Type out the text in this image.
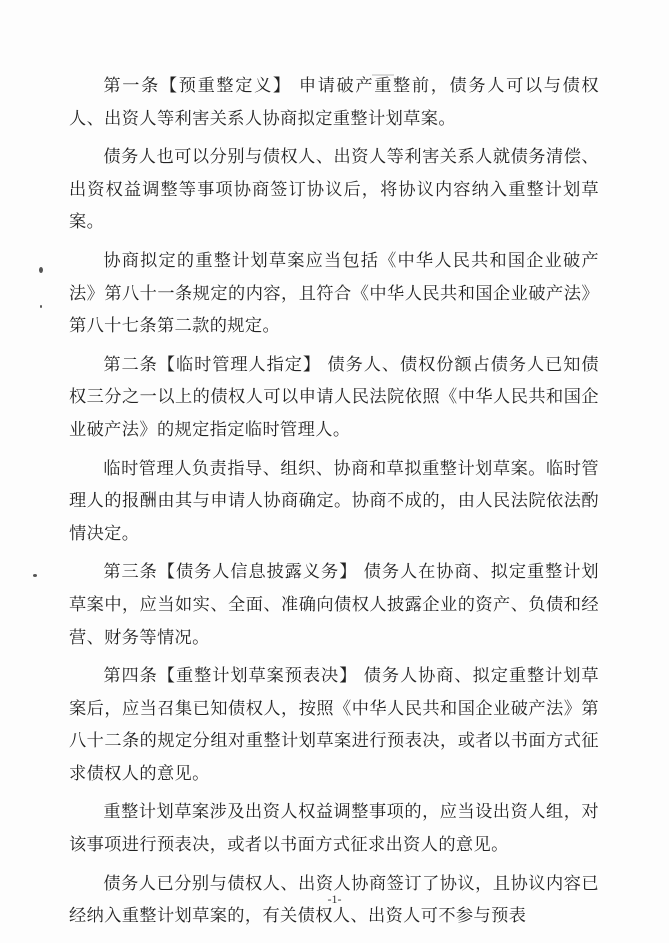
第一条【预重整定义】 申请破产重整前，债务人可以与债权人、出资人等利害关系人协商拟定重整计划草案。

债务人也可以分别与债权人、出资人等利害关系人就债务清偿、出资权益调整等事项协商签订协议后，将协议内容纳入重整计划草案。

协商拟定的重整计划草案应当包括《中华人民共和国企业破产法》第八十一条规定的内容，且符合《中华人民共和国企业破产法》第八十七条第二款的规定。

第二条【临时管理人指定】 债务人、债权份额占债务人已知债权三分之一以上的债权人可以申请人民法院依照《中华人民共和国企业破产法》的规定指定临时管理人。

临时管理人负责指导、组织、协商和草拟重整计划草案。临时管理人的报酬由其与申请人协商确定。协商不成的，由人民法院依法酌情决定。

第三条【债务人信息披露义务】 债务人在协商、拟定重整计划草案中，应当如实、全面、准确向债权人披露企业的资产、负债和经营、财务等情况。

第四条【重整计划草案预表决】 债务人协商、拟定重整计划草案后，应当召集已知债权人，按照《中华人民共和国企业破产法》第八十二条的规定分组对重整计划草案进行预表决，或者以书面方式征求债权人的意见。

重整计划草案涉及出资人权益调整事项的，应当设出资人组，对该事项进行预表决，或者以书面方式征求出资人的意见。

债务人已分别与债权人、出资人协商签订了协议，且协议内容已经纳入重整计划草案的，有关债权人、出资人可不参与预表

-1-
